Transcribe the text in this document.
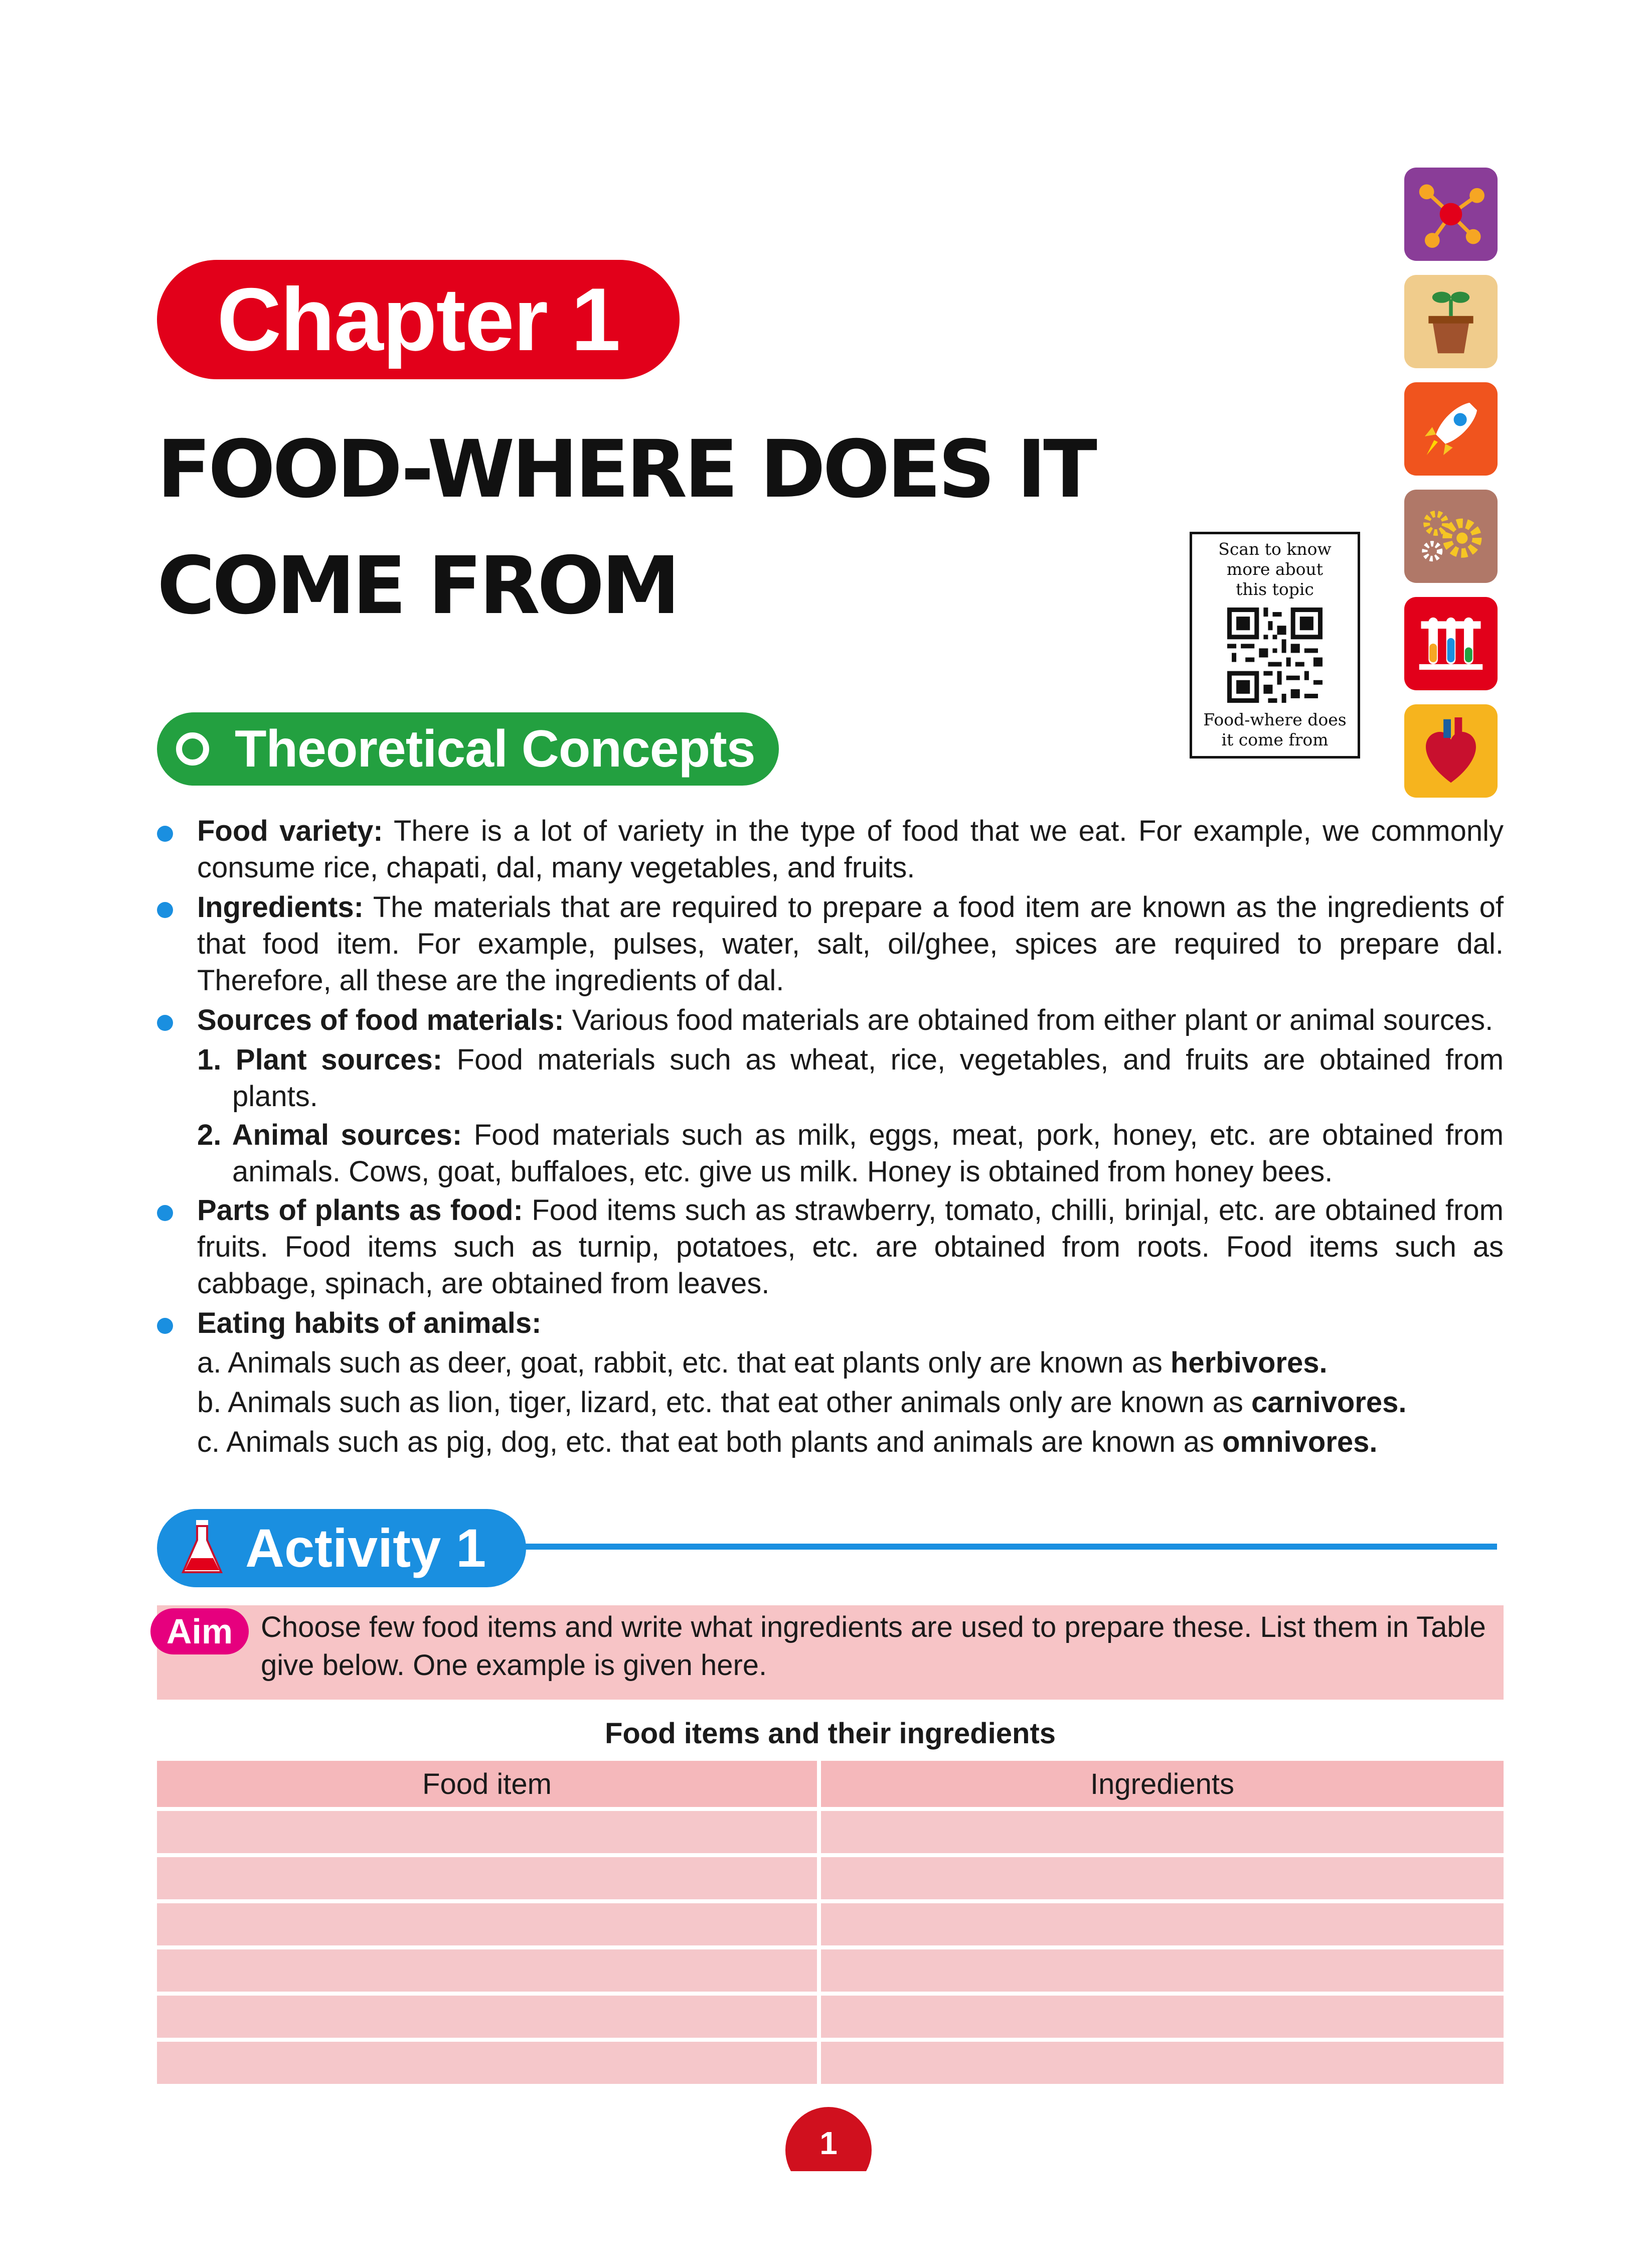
Chapter 1
FOOD-WHERE DOES IT
COME FROM	Scan to know
more about
this topic
Food-where does
it come from
Theoretical Concepts
Food variety: There is a lot of variety in the type of food that we eat. For example, we commonly consume rice, chapati, dal, many vegetables, and fruits.
Ingredients: The materials that are required to prepare a food item are known as the ingredients of that food item. For example, pulses, water, salt, oil/ghee, spices are required to prepare dal. Therefore, all these are the ingredients of dal.
Sources of food materials: Various food materials are obtained from either plant or animal sources.
1. Plant sources: Food materials such as wheat, rice, vegetables, and fruits are obtained from plants.
2. Animal sources: Food materials such as milk, eggs, meat, pork, honey, etc. are obtained from animals. Cows, goat, buffaloes, etc. give us milk. Honey is obtained from honey bees.
Parts of plants as food: Food items such as strawberry, tomato, chilli, brinjal, etc. are obtained from fruits. Food items such as turnip, potatoes, etc. are obtained from roots. Food items such as cabbage, spinach, are obtained from leaves.
Eating habits of animals:
a. Animals such as deer, goat, rabbit, etc. that eat plants only are known as herbivores.
b. Animals such as lion, tiger, lizard, etc. that eat other animals only are known as carnivores.
c. Animals such as pig, dog, etc. that eat both plants and animals are known as omnivores.
Activity 1
Aim Choose few food items and write what ingredients are used to prepare these. List them in Table give below. One example is given here.
Food items and their ingredients
Food item	Ingredients

1
